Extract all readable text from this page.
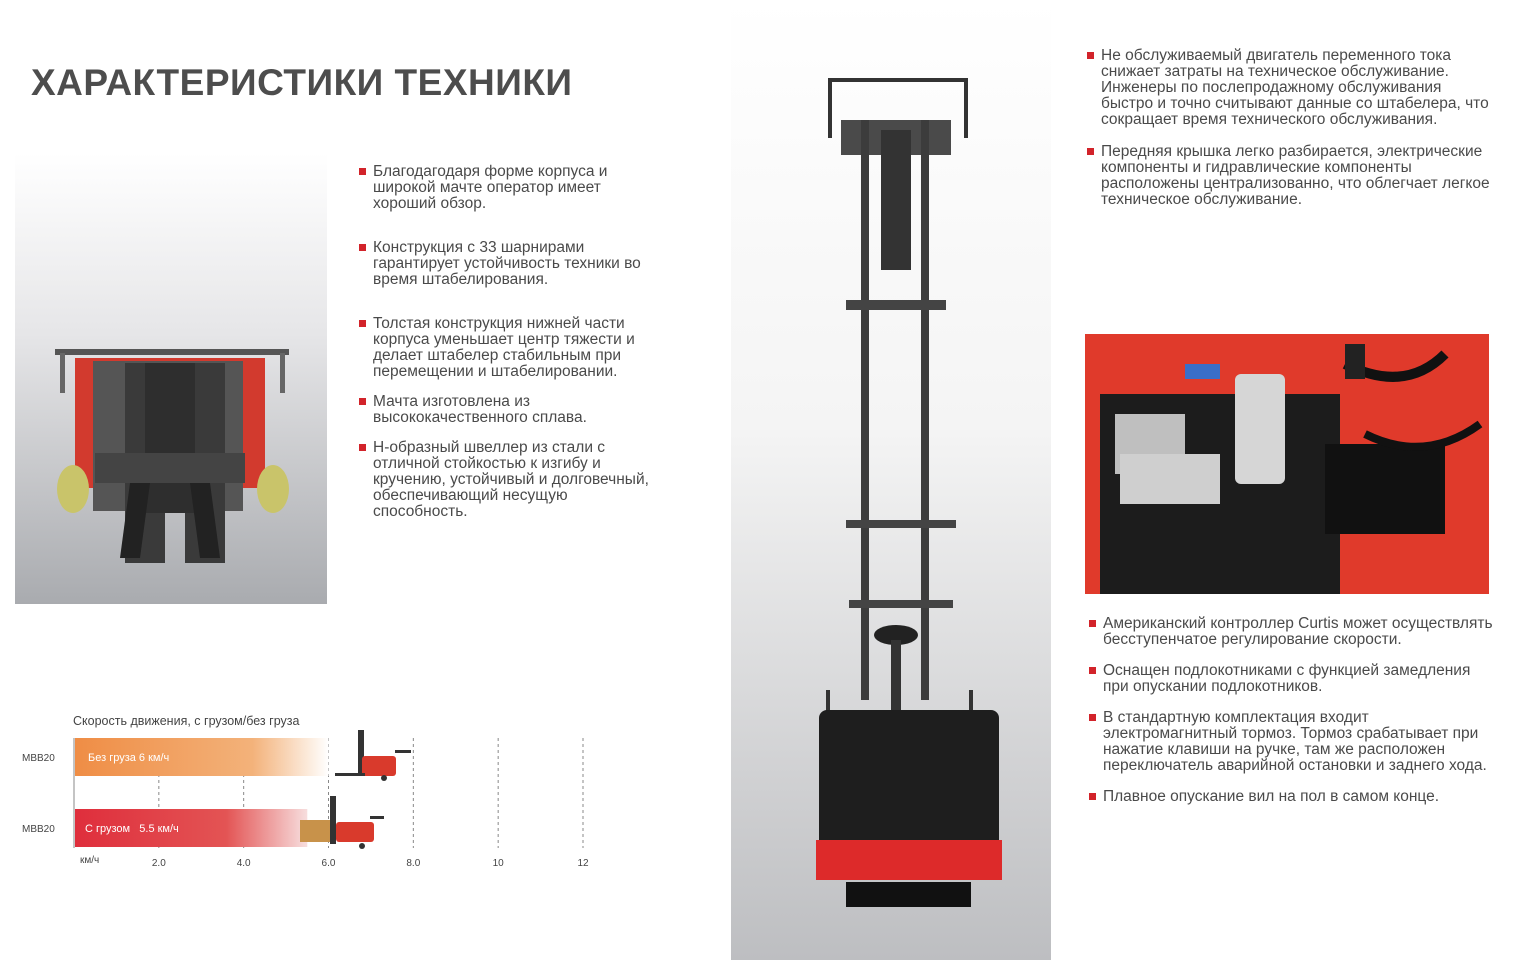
ХАРАКТЕРИСТИКИ ТЕХНИКИ
Благодагодаря форме корпуса и широкой мачте оператор имеет хороший обзор.
Конструкция с 33 шарнирами гарантирует устойчивость техники во время штабелирования.
Толстая конструкция нижней части корпуса уменьшает центр тяжести и делает штабелер стабильным при перемещении и штабелировании.
Мачта изготовлена из высококачественного сплава.
Н-образный швеллер из стали с отличной стойкостью к изгибу и кручению, устойчивый и долговечный, обеспечивающий несущую способность.
Не обслуживаемый двигатель переменного тока снижает затраты на техническое обслуживание. Инженеры по послепродажному обслуживания быстро и точно считывают данные со штабелера, что сокращает время технического обслуживания.
Передняя крышка легко разбирается, электрические компоненты и гидравлические компоненты расположены централизованно, что облегчает легкое техническое обслуживание.
Американский контроллер Curtis может осуществлять бесступенчатое регулирование скорости.
Оснащен подлокотниками с функцией замедления при опускании подлокотников.
В стандартную комплектация входит электромагнитный тормоз. Тормоз срабатывает при нажатие клавиши на ручке, там же расположен переключатель аварийной остановки и заднего хода.
Плавное опускание вил на пол в самом конце.
Скорость движения, с грузом/без груза
2.0	4.0	6.0	8.0	10	12
км/ч
Без груза 6 км/ч
MBB20
С грузом   5.5 км/ч
MBB20
